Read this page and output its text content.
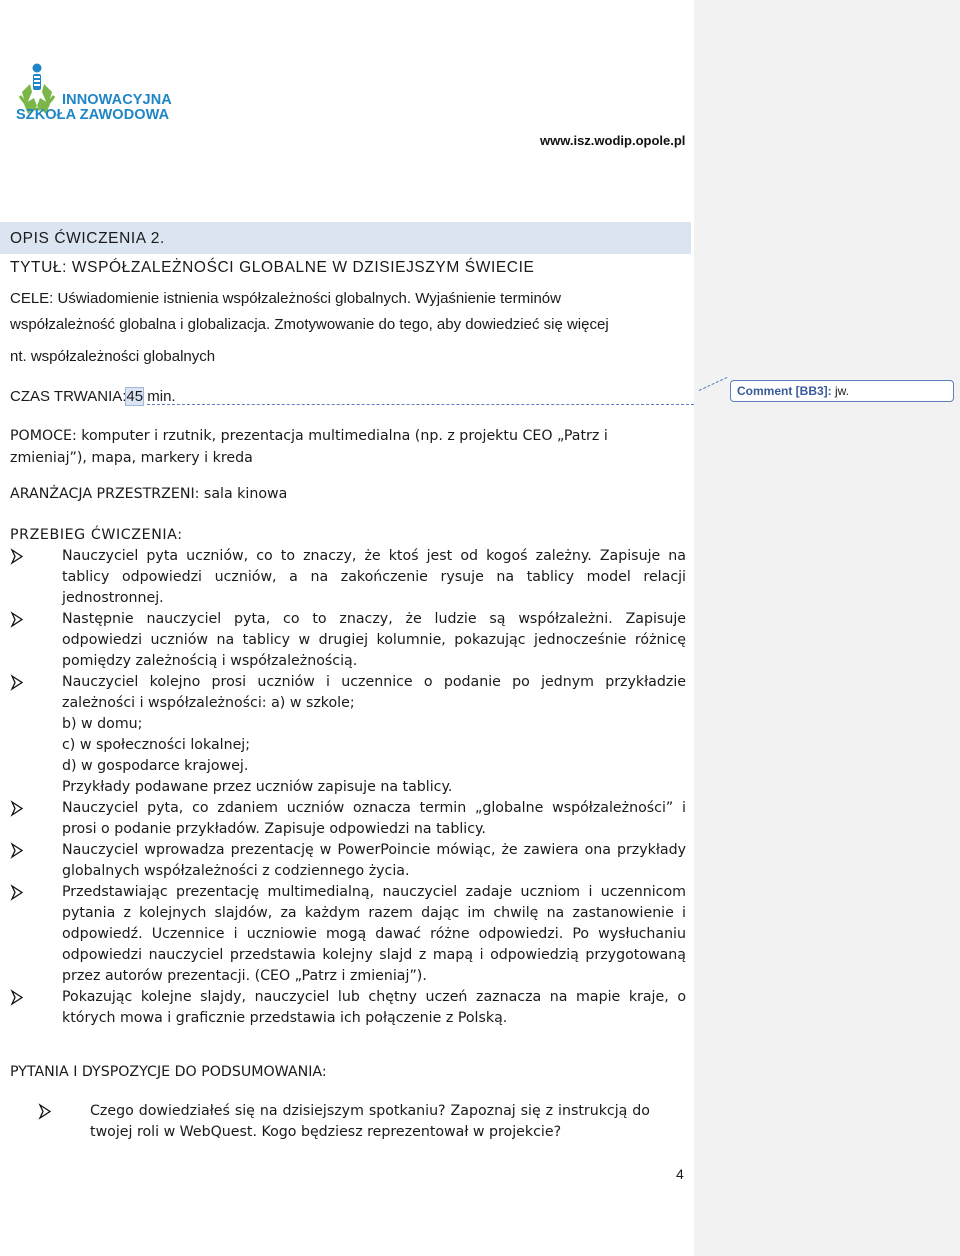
INNOWACYJNA
SZKOŁA ZAWODOWA
www.isz.wodip.opole.pl
OPIS ĆWICZENIA 2.
TYTUŁ: WSPÓŁZALEŻNOŚCI GLOBALNE W DZISIEJSZYM ŚWIECIE
CELE: Uświadomienie istnienia współzależności globalnych. Wyjaśnienie terminów
współzależność globalna i globalizacja. Zmotywowanie do tego, aby dowiedzieć się więcej
nt. współzależności globalnych
CZAS TRWANIA:45 min.
POMOCE: komputer i rzutnik, prezentacja multimedialna (np. z projektu CEO „Patrz i
zmieniaj”), mapa, markery i kreda
ARANŻACJA PRZESTRZENI: sala kinowa
PRZEBIEG ĆWICZENIA:
Nauczyciel pyta uczniów, co to znaczy, że ktoś jest od kogoś zależny. Zapisuje na tablicy odpowiedzi uczniów, a na zakończenie rysuje na tablicy model relacji jednostronnej.
Następnie nauczyciel pyta, co to znaczy, że ludzie są współzależni. Zapisuje odpowiedzi uczniów na tablicy w drugiej kolumnie, pokazując jednocześnie różnicę pomiędzy zależnością i współzależnością.
Nauczyciel kolejno prosi uczniów i uczennice o podanie po jednym przykładzie zależności i współzależności: a) w szkole;
b) w domu;
c) w społeczności lokalnej;
d) w gospodarce krajowej.
Przykłady podawane przez uczniów zapisuje na tablicy.
Nauczyciel pyta, co zdaniem uczniów oznacza termin „globalne współzależności” i prosi o podanie przykładów. Zapisuje odpowiedzi na tablicy.
Nauczyciel wprowadza prezentację w PowerPoincie mówiąc, że zawiera ona przykłady globalnych współzależności z codziennego życia.
Przedstawiając prezentację multimedialną, nauczyciel zadaje uczniom i uczennicom pytania z kolejnych slajdów, za każdym razem dając im chwilę na zastanowienie i odpowiedź. Uczennice i uczniowie mogą dawać różne odpowiedzi. Po wysłuchaniu odpowiedzi nauczyciel przedstawia kolejny slajd z mapą i odpowiedzią przygotowaną przez autorów prezentacji. (CEO „Patrz i zmieniaj”).
Pokazując kolejne slajdy, nauczyciel lub chętny uczeń zaznacza na mapie kraje, o których mowa i graficznie przedstawia ich połączenie z Polską.
PYTANIA I DYSPOZYCJE DO PODSUMOWANIA:
Czego dowiedziałeś się na dzisiejszym spotkaniu? Zapoznaj się z instrukcją do twojej roli w WebQuest. Kogo będziesz reprezentował w projekcie?
4
Comment [BB3]: jw.
